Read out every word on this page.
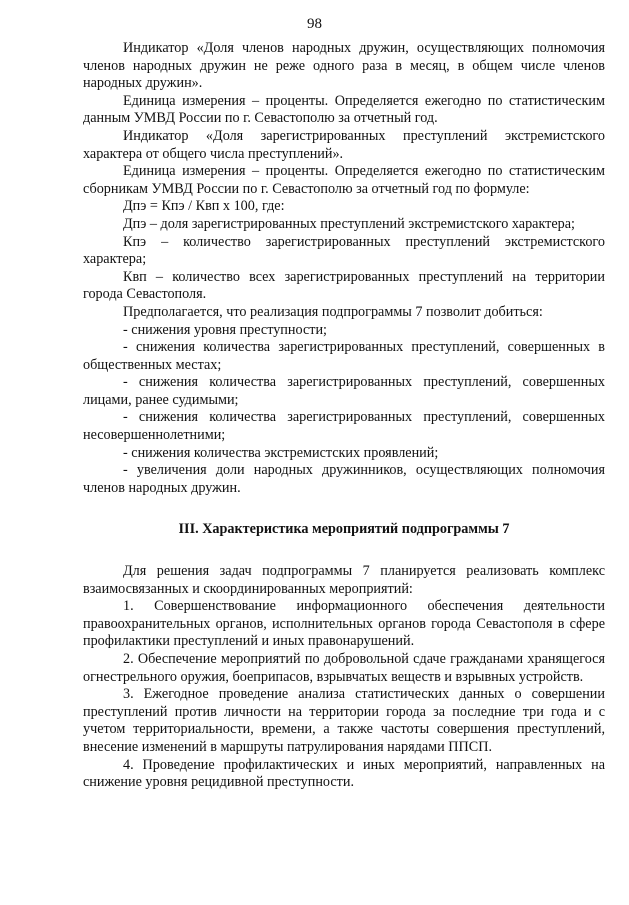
98

Индикатор «Доля членов народных дружин, осуществляющих полномочия членов народных дружин не реже одного раза в месяц, в общем числе членов народных дружин».

Единица измерения – проценты. Определяется ежегодно по статистическим данным УМВД России по г. Севастополю за отчетный год.

Индикатор «Доля зарегистрированных преступлений экстремистского характера от общего числа преступлений».

Единица измерения – проценты. Определяется ежегодно по статистическим сборникам УМВД России по г. Севастополю за отчетный год по формуле:

Дпэ = Кпэ / Квп х 100, где:

Дпэ – доля зарегистрированных преступлений экстремистского характера;

Кпэ – количество зарегистрированных преступлений экстремистского характера;

Квп – количество всех зарегистрированных преступлений на территории города Севастополя.

Предполагается, что реализация подпрограммы 7 позволит добиться:

- снижения уровня преступности;

- снижения количества зарегистрированных преступлений, совершенных в общественных местах;

- снижения количества зарегистрированных преступлений, совершенных лицами, ранее судимыми;

- снижения количества зарегистрированных преступлений, совершенных несовершеннолетними;

- снижения количества экстремистских проявлений;

- увеличения доли народных дружинников, осуществляющих полномочия членов народных дружин.

III. Характеристика мероприятий подпрограммы 7

Для решения задач подпрограммы 7 планируется реализовать комплекс взаимосвязанных и скоординированных мероприятий:

1. Совершенствование информационного обеспечения деятельности правоохранительных органов, исполнительных органов города Севастополя в сфере профилактики преступлений и иных правонарушений.

2. Обеспечение мероприятий по добровольной сдаче гражданами хранящегося огнестрельного оружия, боеприпасов, взрывчатых веществ и взрывных устройств.

3. Ежегодное проведение анализа статистических данных о совершении преступлений против личности на территории города за последние три года и с учетом территориальности, времени, а также частоты совершения преступлений, внесение изменений в маршруты патрулирования нарядами ППСП.

4. Проведение профилактических и иных мероприятий, направленных на снижение уровня рецидивной преступности.
